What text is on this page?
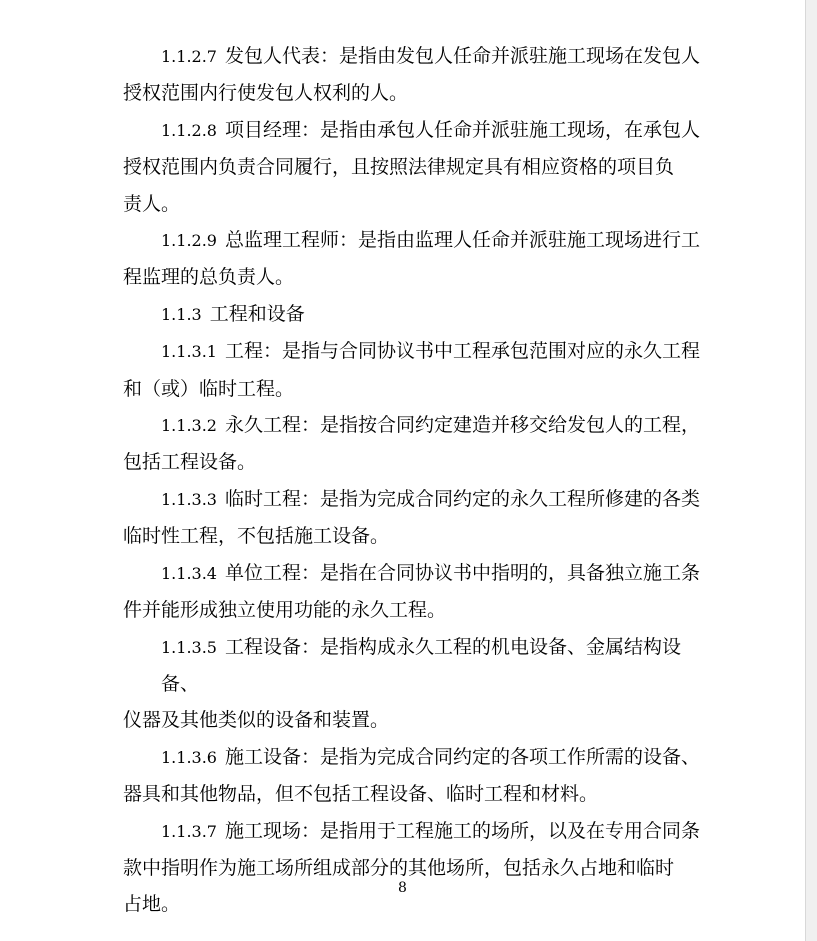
1.1.2.7 发包人代表：是指由发包人任命并派驻施工现场在发包人
授权范围内行使发包人权利的人。
1.1.2.8 项目经理：是指由承包人任命并派驻施工现场，在承包人
授权范围内负责合同履行，且按照法律规定具有相应资格的项目负
责人。
1.1.2.9 总监理工程师：是指由监理人任命并派驻施工现场进行工
程监理的总负责人。
1.1.3 工程和设备
1.1.3.1 工程：是指与合同协议书中工程承包范围对应的永久工程
和（或）临时工程。
1.1.3.2 永久工程：是指按合同约定建造并移交给发包人的工程，
包括工程设备。
1.1.3.3 临时工程：是指为完成合同约定的永久工程所修建的各类
临时性工程，不包括施工设备。
1.1.3.4 单位工程：是指在合同协议书中指明的，具备独立施工条
件并能形成独立使用功能的永久工程。
1.1.3.5 工程设备：是指构成永久工程的机电设备、金属结构设备、
仪器及其他类似的设备和装置。
1.1.3.6 施工设备：是指为完成合同约定的各项工作所需的设备、
器具和其他物品，但不包括工程设备、临时工程和材料。
1.1.3.7 施工现场：是指用于工程施工的场所，以及在专用合同条
款中指明作为施工场所组成部分的其他场所，包括永久占地和临时
占地。
8
